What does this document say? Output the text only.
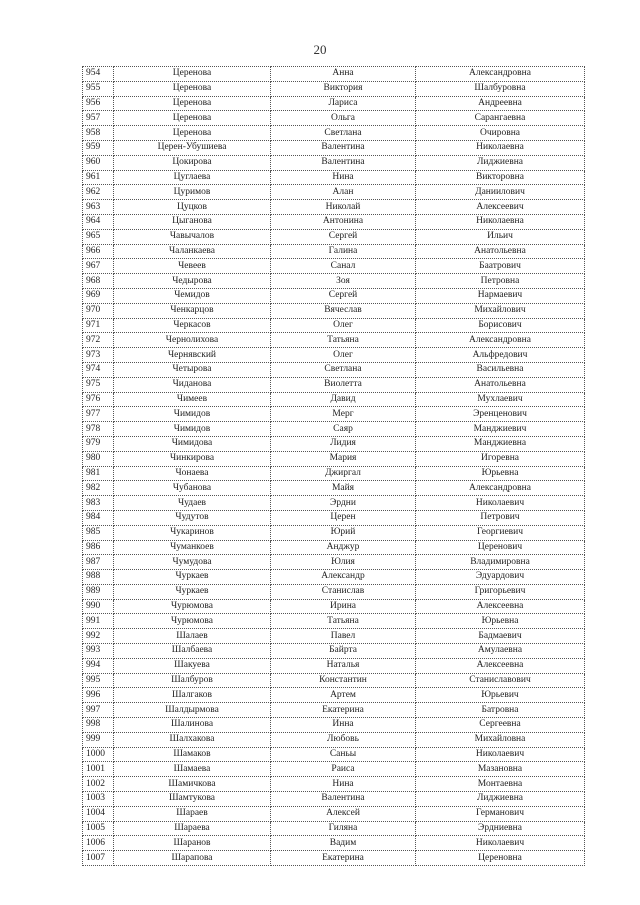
20
954	Церенова	Анна	Александровна
955	Церенова	Виктория	Шалбуровна
956	Церенова	Лариса	Андреевна
957	Церенова	Ольга	Сарангаевна
958	Церенова	Светлана	Очировна
959	Церен-Убушиева	Валентина	Николаевна
960	Цокирова	Валентина	Лиджиевна
961	Цуглаева	Нина	Викторовна
962	Цуримов	Алан	Даниилович
963	Цуцков	Николай	Алексеевич
964	Цыганова	Антонина	Николаевна
965	Чавычалов	Сергей	Ильич
966	Чаланкаева	Галина	Анатольевна
967	Чевеев	Санал	Баатрович
968	Чедырова	Зоя	Петровна
969	Чемидов	Сергей	Нармаевич
970	Ченкарцов	Вячеслав	Михайлович
971	Черкасов	Олег	Борисович
972	Чернолихова	Татьяна	Александровна
973	Чернявский	Олег	Альфредович
974	Четырова	Светлана	Васильевна
975	Чиданова	Виолетта	Анатольевна
976	Чимеев	Давид	Мухлаевич
977	Чимидов	Мерг	Эренценович
978	Чимидов	Саяр	Манджиевич
979	Чимидова	Лидия	Манджиевна
980	Чинкирова	Мария	Игоревна
981	Чонаева	Джиргал	Юрьевна
982	Чубанова	Майя	Александровна
983	Чудаев	Эрдни	Николаевич
984	Чудутов	Церен	Петрович
985	Чукаринов	Юрий	Георгиевич
986	Чуманкоев	Анджур	Церенович
987	Чумудова	Юлия	Владимировна
988	Чуркаев	Александр	Эдуардович
989	Чуркаев	Станислав	Григорьевич
990	Чурюмова	Ирина	Алексеевна
991	Чурюмова	Татьяна	Юрьевна
992	Шалаев	Павел	Бадмаевич
993	Шалбаева	Байрта	Амулаевна
994	Шакуева	Наталья	Алексеевна
995	Шалбуров	Константин	Станиславович
996	Шалгаков	Артем	Юрьевич
997	Шалдырмова	Екатерина	Батровна
998	Шалинова	Инна	Сергеевна
999	Шалхакова	Любовь	Михайловна
1000	Шамаков	Саньы	Николаевич
1001	Шамаева	Раиса	Мазановна
1002	Шамичкова	Нина	Монтаевна
1003	Шамтукова	Валентина	Лиджиевна
1004	Шараев	Алексей	Германович
1005	Шараева	Гиляна	Эрдниевна
1006	Шаранов	Вадим	Николаевич
1007	Шарапова	Екатерина	Цереновна
